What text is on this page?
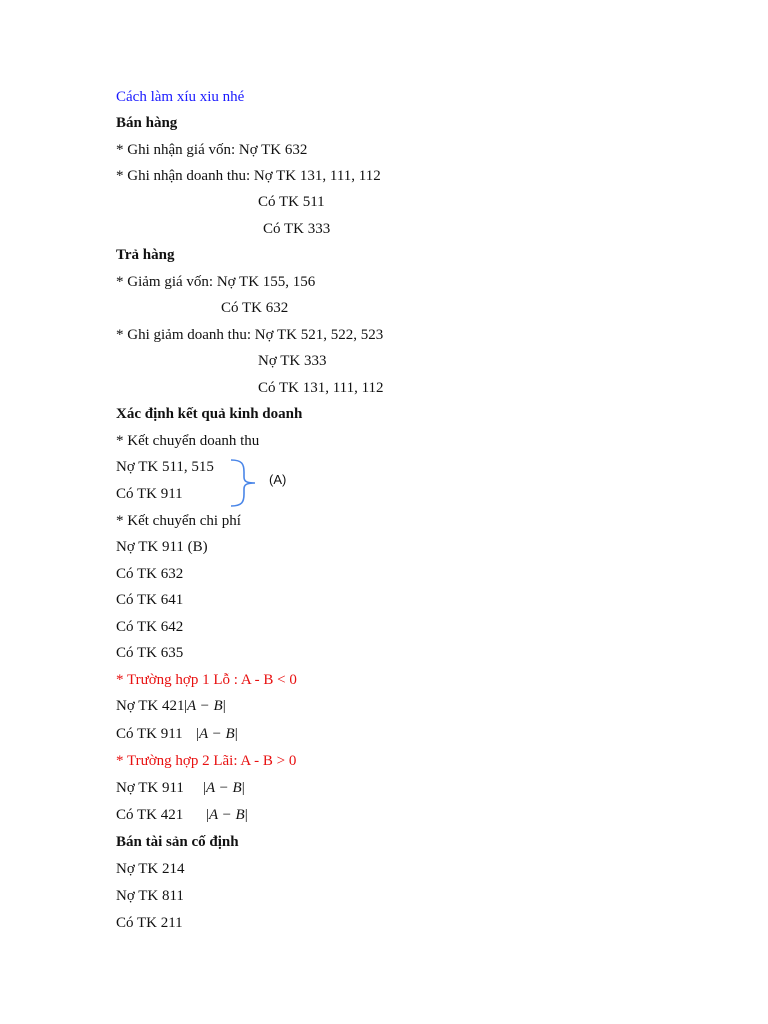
Cách làm xíu xiu nhé
Bán hàng
* Ghi nhận giá vốn: Nợ TK 632
* Ghi nhận doanh thu: Nợ TK 131, 111, 112
Có TK 511
Có TK 333
Trả hàng
* Giảm giá vốn: Nợ TK 155, 156
Có TK 632
* Ghi giảm doanh thu: Nợ TK 521, 522, 523
Nợ TK 333
Có TK 131, 111, 112
Xác định kết quả kinh doanh
* Kết chuyển doanh thu
Nợ TK 511, 515
Có TK 911
(A)
* Kết chuyển chi phí
Nợ TK 911 (B)
Có TK 632
Có TK 641
Có TK 642
Có TK 635
* Trường hợp 1 Lỗ : A - B < 0
Nợ TK 421 |A − B|
Có TK 911 |A − B|
* Trường hợp 2 Lãi: A - B > 0
Nợ TK 911 |A − B|
Có TK 421 |A − B|
Bán tài sản cố định
Nợ TK 214
Nợ TK 811
Có TK 211
